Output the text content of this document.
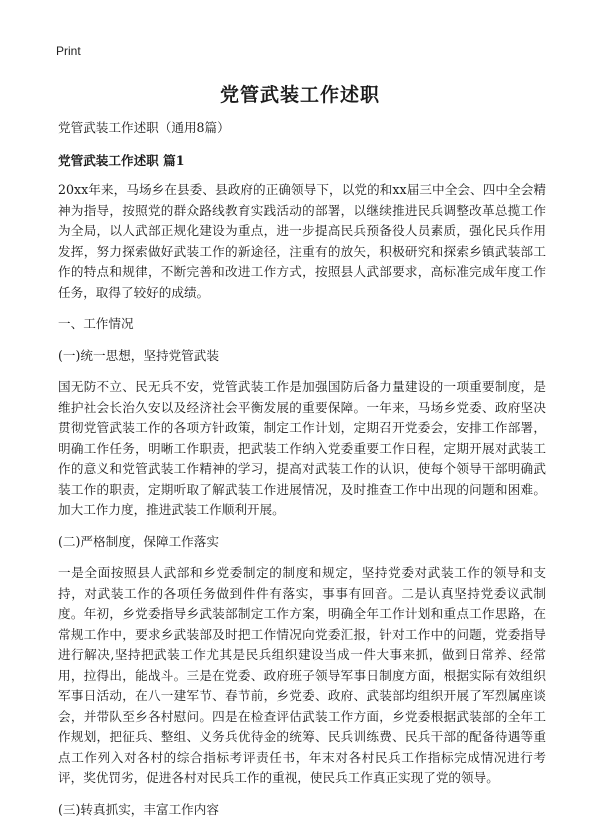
Print
党管武装工作述职

党管武装工作述职（通用8篇）

党管武装工作述职 篇1

20xx年来，马场乡在县委、县政府的正确领导下，以党的和xx届三中全会、四中全会精神为指导，按照党的群众路线教育实践活动的部署，以继续推进民兵调整改革总揽工作为全局，以人武部正规化建设为重点，进一步提高民兵预备役人员素质，强化民兵作用发挥，努力探索做好武装工作的新途径，注重有的放矢，积极研究和探索乡镇武装部工作的特点和规律，不断完善和改进工作方式，按照县人武部要求，高标准完成年度工作任务，取得了较好的成绩。

一、工作情况

(一)统一思想，坚持党管武装

国无防不立、民无兵不安，党管武装工作是加强国防后备力量建设的一项重要制度，是维护社会长治久安以及经济社会平衡发展的重要保障。一年来，马场乡党委、政府坚决贯彻党管武装工作的各项方针政策，制定工作计划，定期召开党委会，安排工作部署，明确工作任务，明晰工作职责，把武装工作纳入党委重要工作日程，定期开展对武装工作的意义和党管武装工作精神的学习，提高对武装工作的认识，使每个领导干部明确武装工作的职责，定期听取了解武装工作进展情况，及时推查工作中出现的问题和困难。加大工作力度，推进武装工作顺利开展。

(二)严格制度，保障工作落实

一是全面按照县人武部和乡党委制定的制度和规定，坚持党委对武装工作的领导和支持，对武装工作的各项任务做到件件有落实，事事有回音。二是认真坚持党委议武制度。年初，乡党委指导乡武装部制定工作方案，明确全年工作计划和重点工作思路，在常规工作中，要求乡武装部及时把工作情况向党委汇报，针对工作中的问题，党委指导进行解决,坚持把武装工作尤其是民兵组织建设当成一件大事来抓，做到日常养、经常用，拉得出，能战斗。三是在党委、政府班子领导军事日制度方面，根据实际有效组织军事日活动，在八一建军节、春节前，乡党委、政府、武装部均组织开展了军烈属座谈会，并带队至乡各村慰问。四是在检查评估武装工作方面，乡党委根据武装部的全年工作规划，把征兵、整组、义务兵优待金的统筹、民兵训练费、民兵干部的配备待遇等重点工作列入对各村的综合指标考评责任书，年末对各村民兵工作指标完成情况进行考评，奖优罚劣，促进各村对民兵工作的重视，使民兵工作真正实现了党的领导。

(三)转真抓实，丰富工作内容
